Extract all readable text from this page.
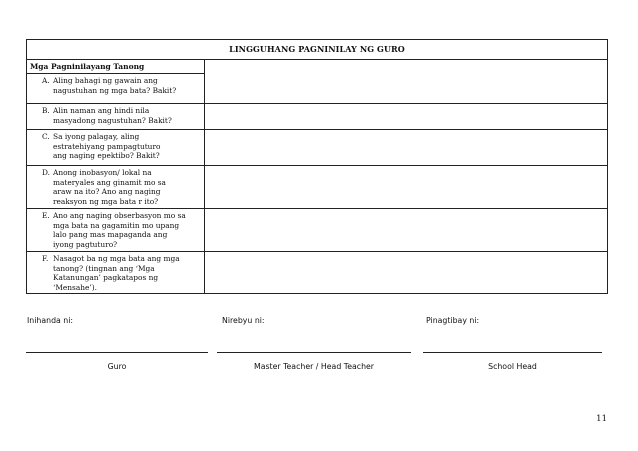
LINGGUHANG PAGNINILAY NG GURO
Mga Pagninilayang Tanong
A. Aling bahagi ng gawain ang
nagustuhan ng mga bata? Bakit?
B. Alin naman ang hindi nila
masyadong nagustuhan? Bakit?
C. Sa iyong palagay, aling
estratehiyang pampagtuturo
ang naging epektibo? Bakit?
D. Anong inobasyon/ lokal na
materyales ang ginamit mo sa
araw na ito? Ano ang naging
reaksyon ng mga bata r ito?
E. Ano ang naging obserbasyon mo sa
mga bata na gagamitin mo upang
lalo pang mas mapaganda ang
iyong pagtuturo?
F. Nasagot ba ng mga bata ang mga
tanong? (tingnan ang ‘Mga
Katanungan’ pagkatapos ng
‘Mensahe’).
Inihanda ni:	Nirebyu ni:	Pinagtibay ni:
Guro	Master Teacher / Head Teacher	School Head
11
